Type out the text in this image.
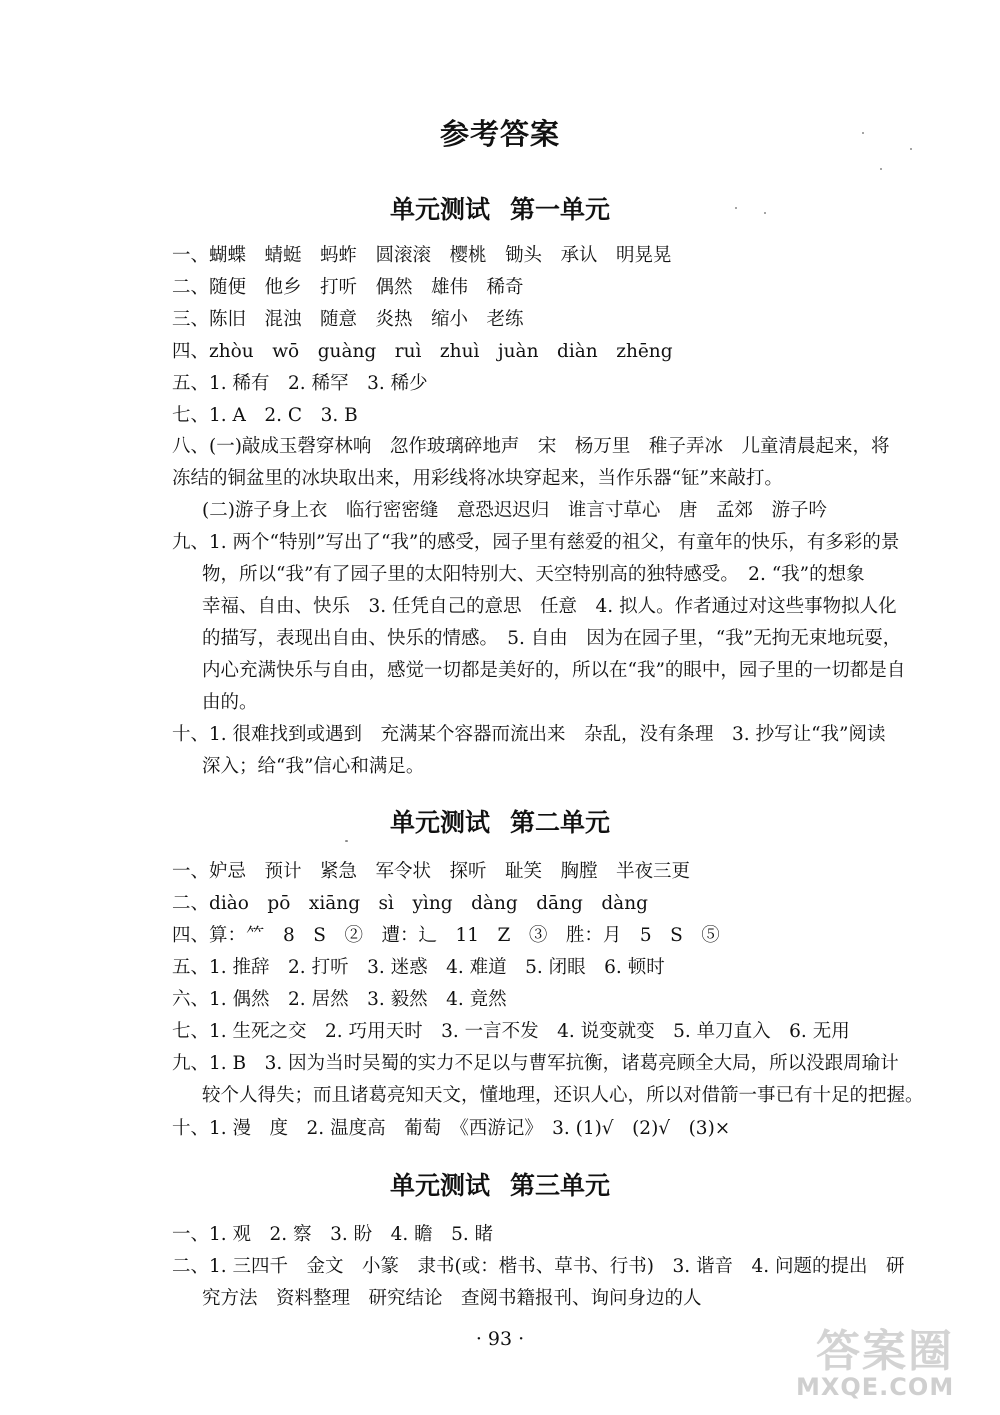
参考答案
单元测试 第一单元
一、蝴蝶　蜻蜓　蚂蚱　圆滚滚　樱桃　锄头　承认　明晃晃
二、随便　他乡　打听　偶然　雄伟　稀奇
三、陈旧　混浊　随意　炎热　缩小　老练
四、zhòu　wō　guàng　ruì　zhuì　juàn　diàn　zhēng
五、1. 稀有　2. 稀罕　3. 稀少
七、1. A　2. C　3. B
八、(一)敲成玉磬穿林响　忽作玻璃碎地声　宋　杨万里　稚子弄冰　儿童清晨起来，将
冻结的铜盆里的冰块取出来，用彩线将冰块穿起来，当作乐器“钲”来敲打。
(二)游子身上衣　临行密密缝　意恐迟迟归　谁言寸草心　唐　孟郊　游子吟
九、1. 两个“特别”写出了“我”的感受，园子里有慈爱的祖父，有童年的快乐，有多彩的景
物，所以“我”有了园子里的太阳特别大、天空特别高的独特感受。　2. “我”的想象
幸福、自由、快乐　3. 任凭自己的意思　任意　4. 拟人。作者通过对这些事物拟人化
的描写，表现出自由、快乐的情感。　5. 自由　因为在园子里，“我”无拘无束地玩耍，
内心充满快乐与自由，感觉一切都是美好的，所以在“我”的眼中，园子里的一切都是自
由的。
十、1. 很难找到或遇到　充满某个容器而流出来　杂乱，没有条理　3. 抄写让“我”阅读
深入；给“我”信心和满足。
单元测试 第二单元
一、妒忌　预计　紧急　军令状　探听　耻笑　胸膛　半夜三更
二、diào　pō　xiāng　sì　yìng　dàng　dāng　dàng
四、算：⺮　8　S　②　遭：辶　11　Z　③　胜：月　5　S　⑤
五、1. 推辞　2. 打听　3. 迷惑　4. 难道　5. 闭眼　6. 顿时
六、1. 偶然　2. 居然　3. 毅然　4. 竟然
七、1. 生死之交　2. 巧用天时　3. 一言不发　4. 说变就变　5. 单刀直入　6. 无用
九、1. B　3. 因为当时吴蜀的实力不足以与曹军抗衡，诸葛亮顾全大局，所以没跟周瑜计
较个人得失；而且诸葛亮知天文，懂地理，还识人心，所以对借箭一事已有十足的把握。
十、1. 漫　度　2. 温度高　葡萄　《西游记》　3. (1)√　(2)√　(3)×
单元测试 第三单元
一、1. 观　2. 察　3. 盼　4. 瞻　5. 睹
二、1. 三四千　金文　小篆　隶书(或：楷书、草书、行书)　3. 谐音　4. 问题的提出　研
究方法　资料整理　研究结论　查阅书籍报刊、询问身边的人
· 93 ·	答案圈
MXQE.COM
